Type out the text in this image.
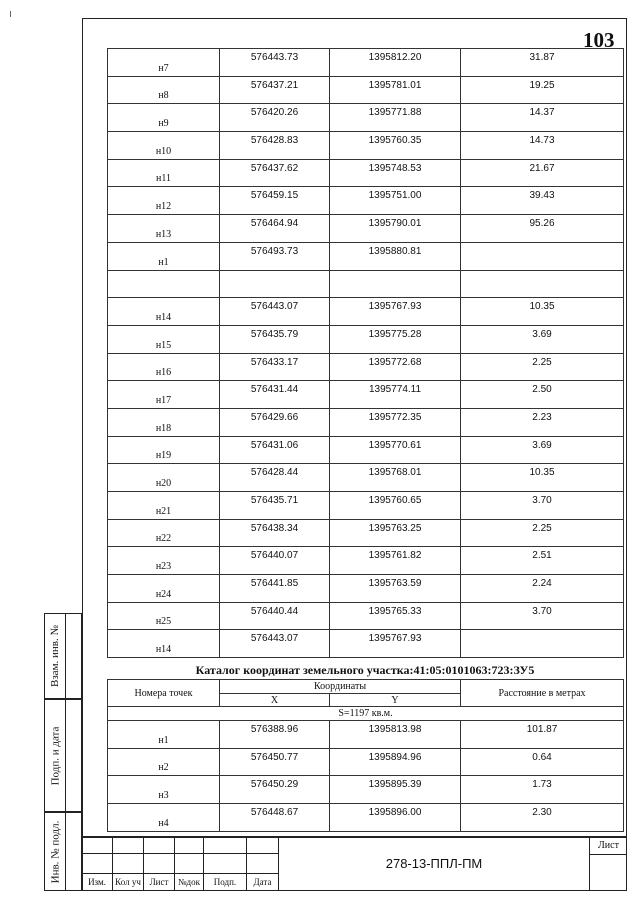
103
Взам. инв. №
Подп. и дата
Инв. № подл.
н7	576443.73	1395812.20	31.87

н8	576437.21	1395781.01	19.25

н9	576420.26	1395771.88	14.37

н10	576428.83	1395760.35	14.73

н11	576437.62	1395748.53	21.67

н12	576459.15	1395751.00	39.43

н13	576464.94	1395790.01	95.26

н1	576493.73	1395880.81	

н14	576443.07	1395767.93	10.35

н15	576435.79	1395775.28	3.69

н16	576433.17	1395772.68	2.25

н17	576431.44	1395774.11	2.50

н18	576429.66	1395772.35	2.23

н19	576431.06	1395770.61	3.69

н20	576428.44	1395768.01	10.35

н21	576435.71	1395760.65	3.70

н22	576438.34	1395763.25	2.25

н23	576440.07	1395761.82	2.51

н24	576441.85	1395763.59	2.24

н25	576440.44	1395765.33	3.70

н14	576443.07	1395767.93	

Каталог координат земельного участка:41:05:0101063:723:ЗУ5
Номера точек	Координаты		Расстояние в метрах
	X	Y	
S=1197 кв.м.			

н1	576388.96	1395813.98	101.87

н2	576450.77	1395894.96	0.64

н3	576450.29	1395895.39	1.73

н4	576448.67	1395896.00	2.30
Изм.	Кол уч Лист	№док	Подп.	Дата
278-13-ППЛ-ПМ
Лист
